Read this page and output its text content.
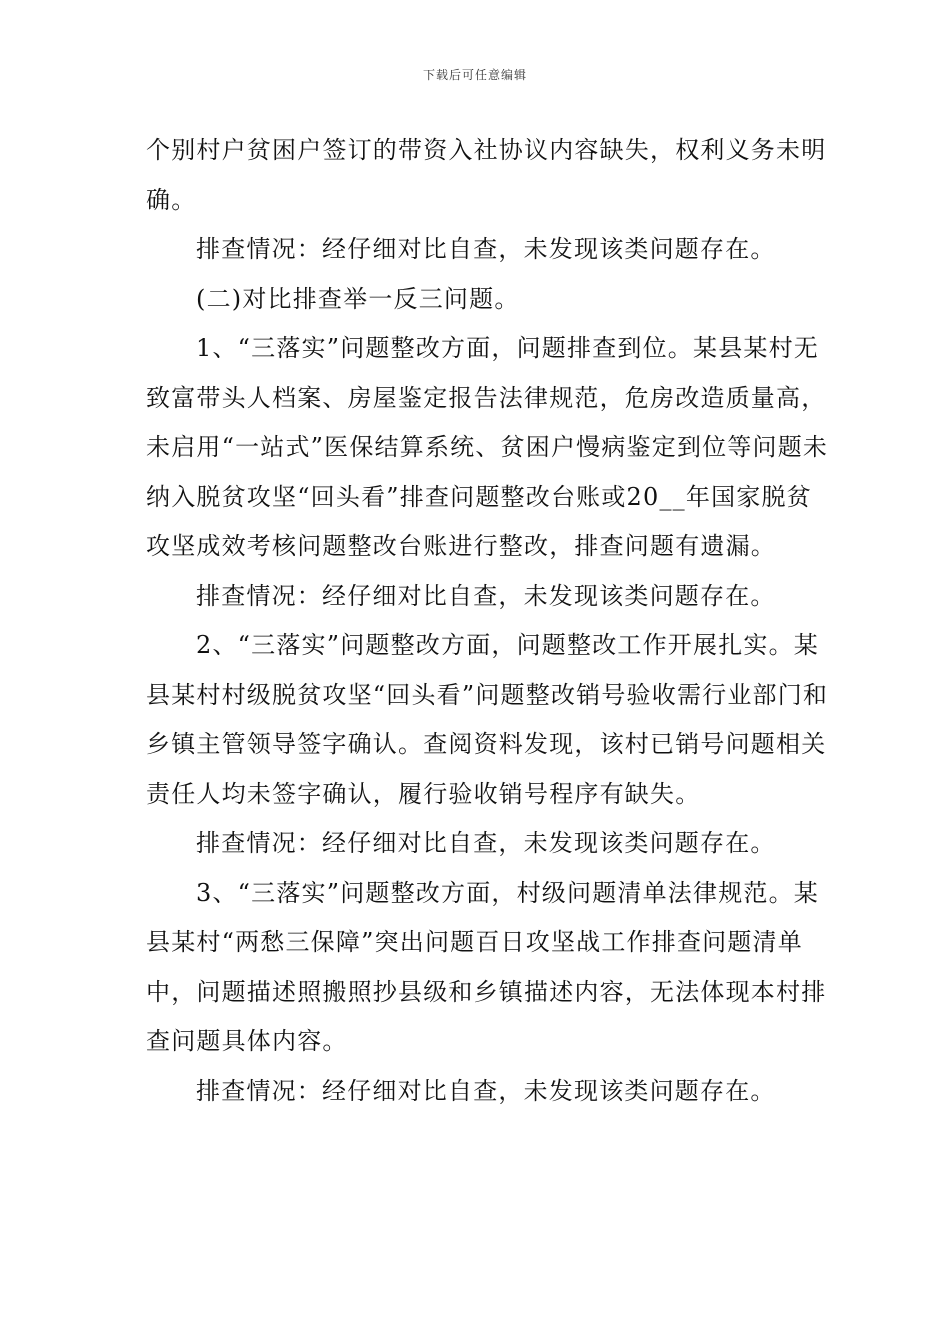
下载后可任意编辑

个别村户贫困户签订的带资入社协议内容缺失，权利义务未明确。

排查情况：经仔细对比自查，未发现该类问题存在。

(二)对比排查举一反三问题。

1、“三落实”问题整改方面，问题排查到位。某县某村无致富带头人档案、房屋鉴定报告法律规范，危房改造质量高，未启用“一站式”医保结算系统、贫困户慢病鉴定到位等问题未纳入脱贫攻坚“回头看”排查问题整改台账或20__年国家脱贫攻坚成效考核问题整改台账进行整改，排查问题有遗漏。

排查情况：经仔细对比自查，未发现该类问题存在。

2、“三落实”问题整改方面，问题整改工作开展扎实。某县某村村级脱贫攻坚“回头看”问题整改销号验收需行业部门和乡镇主管领导签字确认。查阅资料发现，该村已销号问题相关责任人均未签字确认，履行验收销号程序有缺失。

排查情况：经仔细对比自查，未发现该类问题存在。

3、“三落实”问题整改方面，村级问题清单法律规范。某县某村“两愁三保障”突出问题百日攻坚战工作排查问题清单中，问题描述照搬照抄县级和乡镇描述内容，无法体现本村排查问题具体内容。

排查情况：经仔细对比自查，未发现该类问题存在。
